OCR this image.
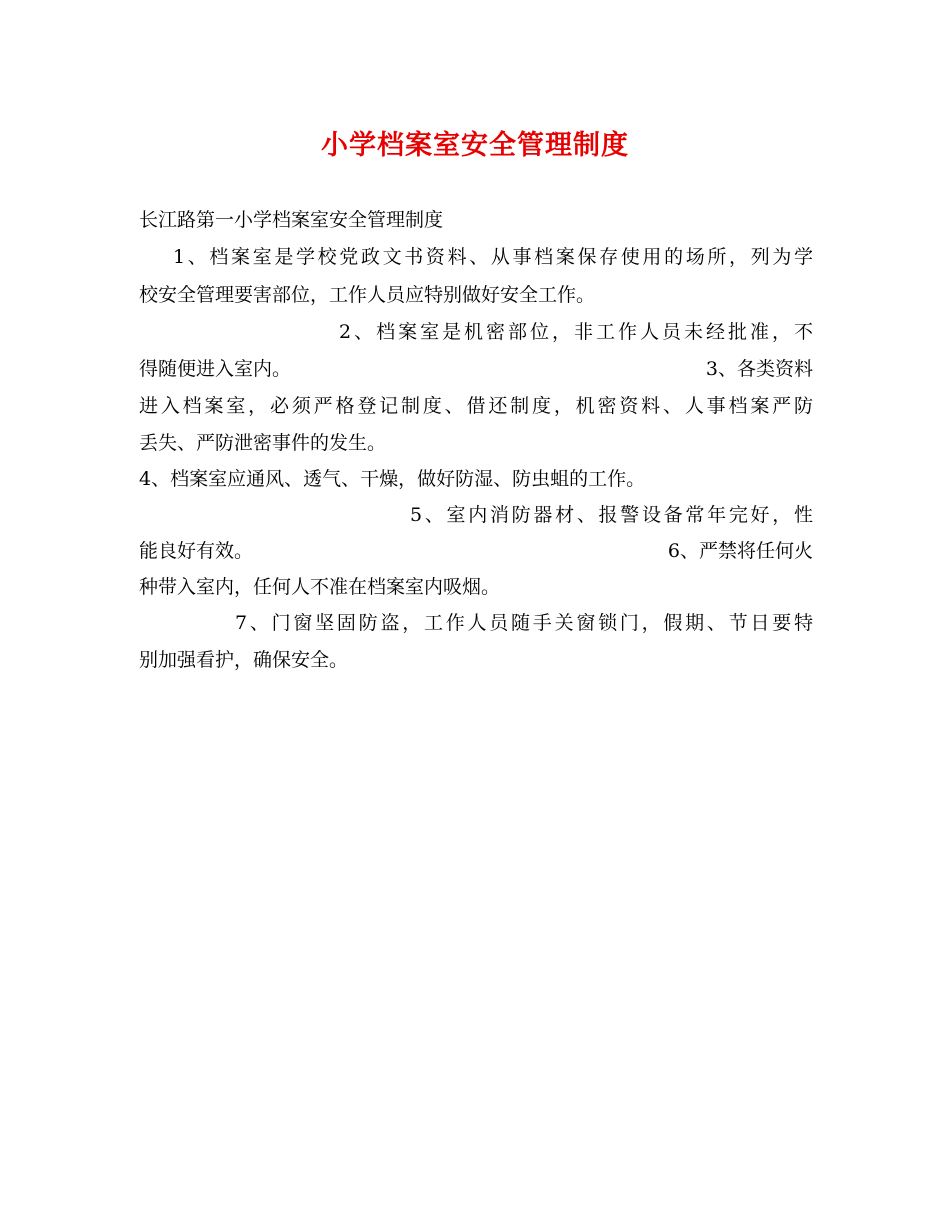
小学档案室安全管理制度
长江路第一小学档案室安全管理制度
1、档案室是学校党政文书资料、从事档案保存使用的场所，列为学
校安全管理要害部位，工作人员应特别做好安全工作。
2、档案室是机密部位，非工作人员未经批准，不
得随便进入室内。	3、各类资料
进入档案室，必须严格登记制度、借还制度，机密资料、人事档案严防
丢失、严防泄密事件的发生。
4、档案室应通风、透气、干燥，做好防湿、防虫蛆的工作。
5、室内消防器材、报警设备常年完好，性
能良好有效。	6、严禁将任何火
种带入室内，任何人不准在档案室内吸烟。
7、门窗坚固防盗，工作人员随手关窗锁门，假期、节日要特
别加强看护，确保安全。
